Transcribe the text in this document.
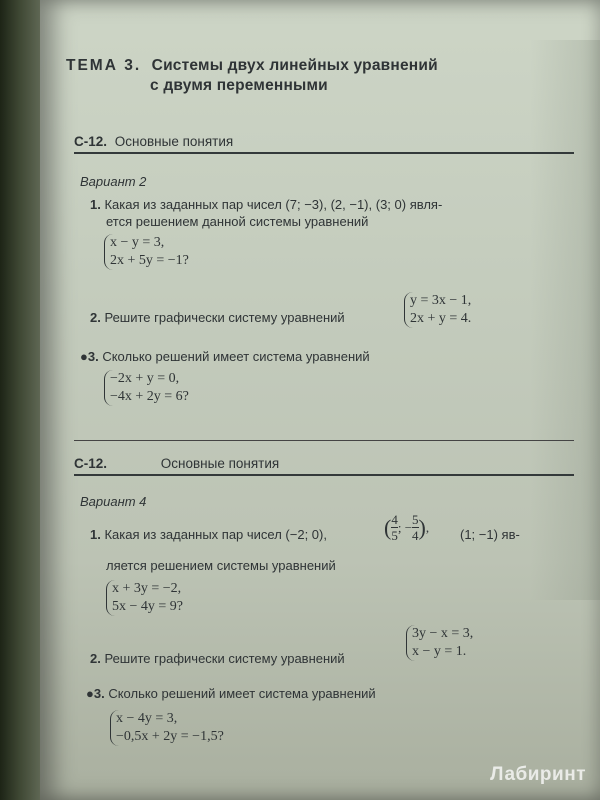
ТЕМА 3. Системы двух линейных уравнений
с двумя переменными
С-12. Основные понятия
Вариант 2
1. Какая из заданных пар чисел (7; −3), (2, −1), (3; 0) явля-
ется решением данной системы уравнений
x − y = 3,
2x + 5y = −1?
2. Решите графически систему уравнений
y = 3x − 1,
2x + y = 4.
●3. Сколько решений имеет система уравнений
−2x + y = 0,
−4x + 2y = 6?
С-12.	Основные понятия
Вариант 4
1. Какая из заданных пар чисел (−2; 0),	( $\frac{4}{5}$ ; − $\frac{5}{4}$ ), (1; −1) яв-
ляется решением системы уравнений
x + 3y = −2,
5x − 4y = 9?
2. Решите графически систему уравнений
3y − x = 3,
x − y = 1.
●3. Сколько решений имеет система уравнений
x − 4y = 3,
−0,5x + 2y = −1,5?
Лабиринт
